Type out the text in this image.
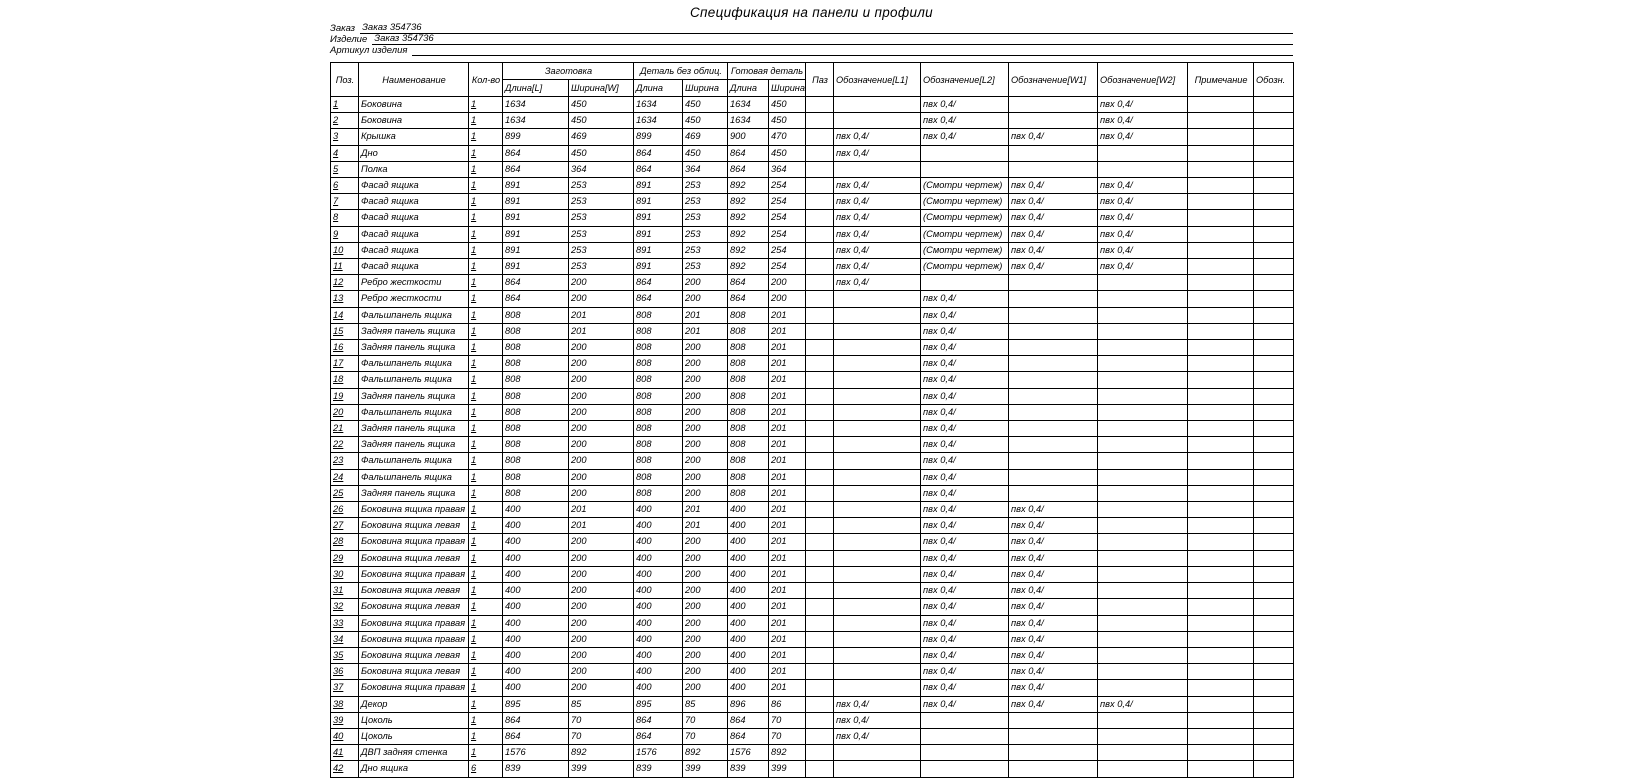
Спецификация на панели и профили
Заказ Заказ 354736
Изделие Заказ 354736
Артикул изделия
Поз.	Наименование	Кол-во	Заготовка		Деталь без облиц.		Готовая деталь		Паз	Обозначение[L1]	Обозначение[L2]	Обозначение[W1]	Обозначение[W2]	Примечание	Обозн.
			Длина[L]	Ширина[W]	Длина	Ширина	Длина	Ширина							
1	Боковина	1	1634	450	1634	450	1634	450			пвх 0,4/		пвх 0,4/		
2	Боковина	1	1634	450	1634	450	1634	450			пвх 0,4/		пвх 0,4/		
3	Крышка	1	899	469	899	469	900	470		пвх 0,4/	пвх 0,4/	пвх 0,4/	пвх 0,4/		
4	Дно	1	864	450	864	450	864	450		пвх 0,4/					
5	Полка	1	864	364	864	364	864	364							
6	Фасад ящика	1	891	253	891	253	892	254		пвх 0,4/	(Смотри чертеж)	пвх 0,4/	пвх 0,4/		
7	Фасад ящика	1	891	253	891	253	892	254		пвх 0,4/	(Смотри чертеж)	пвх 0,4/	пвх 0,4/		
8	Фасад ящика	1	891	253	891	253	892	254		пвх 0,4/	(Смотри чертеж)	пвх 0,4/	пвх 0,4/		
9	Фасад ящика	1	891	253	891	253	892	254		пвх 0,4/	(Смотри чертеж)	пвх 0,4/	пвх 0,4/		
10	Фасад ящика	1	891	253	891	253	892	254		пвх 0,4/	(Смотри чертеж)	пвх 0,4/	пвх 0,4/		
11	Фасад ящика	1	891	253	891	253	892	254		пвх 0,4/	(Смотри чертеж)	пвх 0,4/	пвх 0,4/		
12	Ребро жесткости	1	864	200	864	200	864	200		пвх 0,4/					
13	Ребро жесткости	1	864	200	864	200	864	200			пвх 0,4/				
14	Фальшпанель ящика	1	808	201	808	201	808	201			пвх 0,4/				
15	Задняя панель ящика	1	808	201	808	201	808	201			пвх 0,4/				
16	Задняя панель ящика	1	808	200	808	200	808	201			пвх 0,4/				
17	Фальшпанель ящика	1	808	200	808	200	808	201			пвх 0,4/				
18	Фальшпанель ящика	1	808	200	808	200	808	201			пвх 0,4/				
19	Задняя панель ящика	1	808	200	808	200	808	201			пвх 0,4/				
20	Фальшпанель ящика	1	808	200	808	200	808	201			пвх 0,4/				
21	Задняя панель ящика	1	808	200	808	200	808	201			пвх 0,4/				
22	Задняя панель ящика	1	808	200	808	200	808	201			пвх 0,4/				
23	Фальшпанель ящика	1	808	200	808	200	808	201			пвх 0,4/				
24	Фальшпанель ящика	1	808	200	808	200	808	201			пвх 0,4/				
25	Задняя панель ящика	1	808	200	808	200	808	201			пвх 0,4/				
26	Боковина ящика правая	1	400	201	400	201	400	201			пвх 0,4/	пвх 0,4/			
27	Боковина ящика левая	1	400	201	400	201	400	201			пвх 0,4/	пвх 0,4/			
28	Боковина ящика правая	1	400	200	400	200	400	201			пвх 0,4/	пвх 0,4/			
29	Боковина ящика левая	1	400	200	400	200	400	201			пвх 0,4/	пвх 0,4/			
30	Боковина ящика правая	1	400	200	400	200	400	201			пвх 0,4/	пвх 0,4/			
31	Боковина ящика левая	1	400	200	400	200	400	201			пвх 0,4/	пвх 0,4/			
32	Боковина ящика левая	1	400	200	400	200	400	201			пвх 0,4/	пвх 0,4/			
33	Боковина ящика правая	1	400	200	400	200	400	201			пвх 0,4/	пвх 0,4/			
34	Боковина ящика правая	1	400	200	400	200	400	201			пвх 0,4/	пвх 0,4/			
35	Боковина ящика левая	1	400	200	400	200	400	201			пвх 0,4/	пвх 0,4/			
36	Боковина ящика левая	1	400	200	400	200	400	201			пвх 0,4/	пвх 0,4/			
37	Боковина ящика правая	1	400	200	400	200	400	201			пвх 0,4/	пвх 0,4/			
38	Декор	1	895	85	895	85	896	86		пвх 0,4/	пвх 0,4/	пвх 0,4/	пвх 0,4/		
39	Цоколь	1	864	70	864	70	864	70		пвх 0,4/					
40	Цоколь	1	864	70	864	70	864	70		пвх 0,4/					
41	ДВП задняя стенка	1	1576	892	1576	892	1576	892							
42	Дно ящика	6	839	399	839	399	839	399							
